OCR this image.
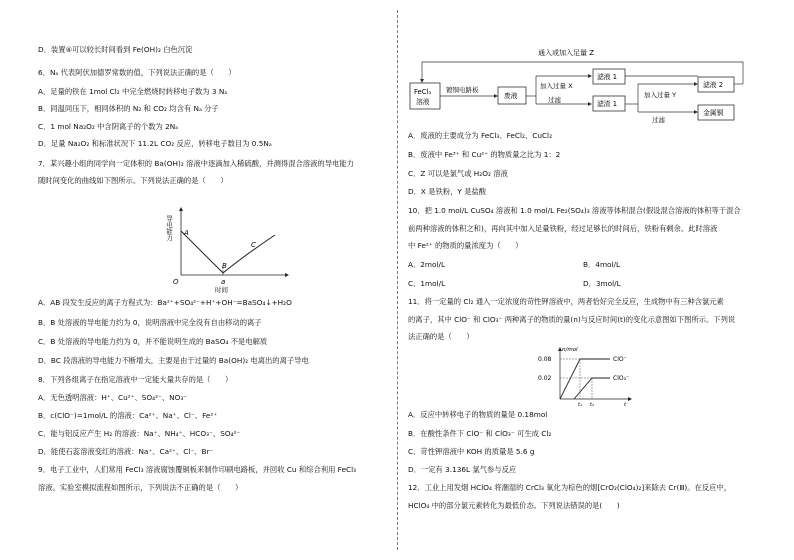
D．装置④可以较长时间看到 Fe(OH)₂ 白色沉淀
6．Nₐ 代表阿伏加德罗常数的值，下列说法正确的是（　　）
A．足量的铁在 1mol Cl₂ 中完全燃烧时转移电子数为 3 Nₐ
B．同温同压下，相同体积的 N₂ 和 CO₂ 均含有 Nₐ 分子
C．1 mol Na₂O₂ 中含阴离子的个数为 2Nₐ
D．足量 Na₂O₂ 和标准状况下 11.2L CO₂ 反应，转移电子数目为 0.5Nₐ
7．某兴趣小组的同学向一定体积的 Ba(OH)₂ 溶液中逐滴加入稀硫酸，并测得混合溶液的导电能力
随时间变化的曲线如下图所示。下列说法正确的是（　　）
A．AB 段发生反应的离子方程式为：Ba²⁺+SO₄²⁻+H⁺+OH⁻=BaSO₄↓+H₂O
B．B 处溶液的导电能力约为 0，说明溶液中完全没有自由移动的离子
C．B 处溶液的导电能力约为 0，并不能说明生成的 BaSO₄ 不是电解质
D．BC 段溶液的导电能力不断增大，主要是由于过量的 Ba(OH)₂ 电离出的离子导电
8．下列各组离子在指定溶液中一定能大量共存的是（　　）
A．无色透明溶液：H⁺、Cu²⁺、SO₄²⁻、NO₃⁻
B．c(ClO⁻)=1mol/L 的溶液：Ca²⁺、Na⁺、Cl⁻、Fe²⁺
C．能与铝反应产生 H₂ 的溶液：Na⁺、NH₄⁺、HCO₃⁻、SO₄²⁻
D．能使石蕊溶液变红的溶液：Na⁺、Ca²⁺、Cl⁻、Br⁻
9．电子工业中，人们常用 FeCl₃ 溶液腐蚀覆铜板来制作印刷电路板，并回收 Cu 和综合利用 FeCl₃
溶液。实验室模拟流程如图所示，下列说法不正确的是（　　）
A．废液的主要成分为 FeCl₃、FeCl₂、CuCl₂
B．废液中 Fe³⁺ 和 Cu²⁺ 的物质量之比为 1：2
C．Z 可以是氯气或 H₂O₂ 溶液
D．X 是铁粉，Y 是盐酸
10．把 1.0 mol/L CuSO₄ 溶液和 1.0 mol/L Fe₂(SO₄)₃ 溶液等体积混合(假设混合溶液的体积等于混合
前两种溶液的体积之和)，再向其中加入足量铁粉，经过足够长的时间后，铁粉有剩余。此时溶液
中 Fe²⁺ 的物质的量浓度为（　　）
A．2mol/L	B．4mol/L
C．1mol/L	D．3mol/L
11．将一定量的 Cl₂ 通入一定浓度的苛性钾溶液中，两者恰好完全反应，生成物中有三种含氯元素
的离子，其中 ClO⁻ 和 ClO₃⁻ 两种离子的物质的量(n)与反应时间(t)的变化示意图如下图所示。下列说
法正确的是（　　）
A．反应中转移电子的物质的量是 0.18mol
B．在酸性条件下 ClO⁻ 和 ClO₃⁻ 可生成 Cl₂
C．苛性钾溶液中 KOH 的质量是 5.6 g
D．一定有 3.136L 氯气参与反应
12．工业上用发烟 HClO₄ 将潮湿的 CrCl₃ 氧化为棕色的烟[CrO₂(ClO₄)₂]来除去 Cr(Ⅲ)。在反应中，
HClO₄ 中的部分氯元素转化为最低价态。下列说法错误的是(　　)
导电能力
O	a
时间
A
B
C
通入或加入足量 Z
FeCl₃
溶液
镀铜电路板
废液
加入过量 X
过滤
滤液 1
滤渣 1
加入过量 Y
过滤
滤液 2
金属铜
n/mol
0.08
0.02
t₁ t₂	t
ClO⁻
ClO₃⁻
